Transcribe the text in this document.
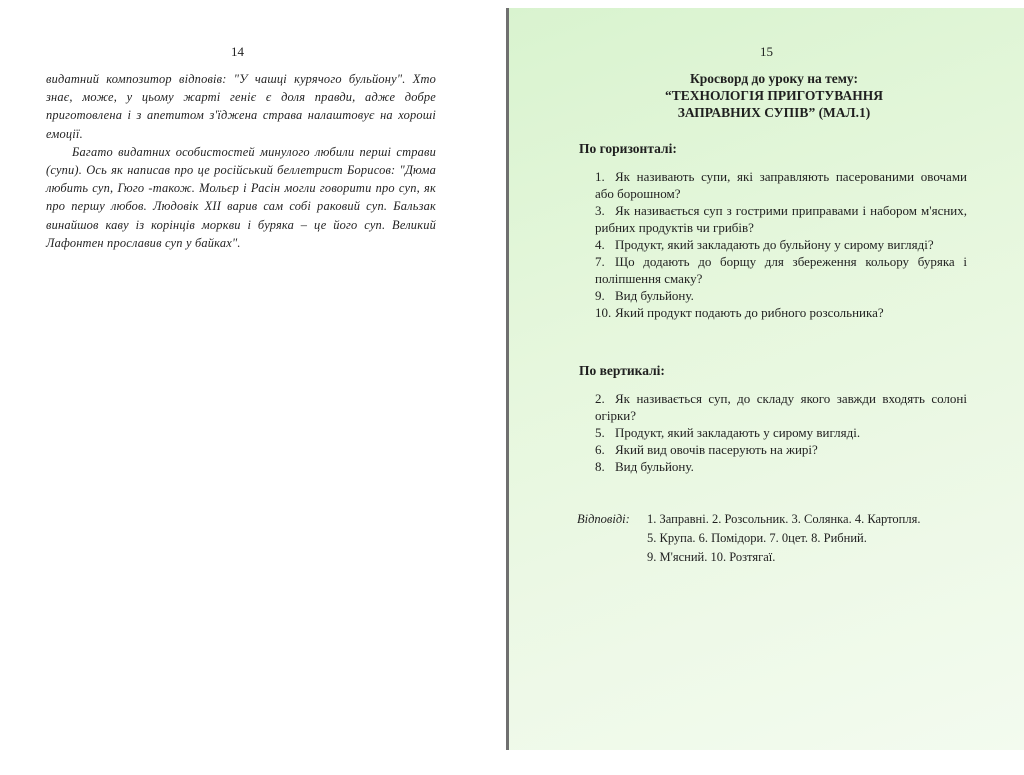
14

видатний композитор відповів: "У чашці курячого бульйону". Хто знає, може, у цьому жарті геніє є доля правди, адже добре приготовлена і з апетитом з'їджена страва налаштовує на хороші емоції.

Багато видатних особистостей минулого любили перші страви (супи). Ось як написав про це російський беллетрист Борисов: "Дюма любить суп, Гюго -також. Мольєр і Расін могли говорити про суп, як про першу любов. Людовік XII варив сам собі раковий суп. Бальзак винайшов каву із корінців моркви і буряка – це його суп. Великий Лафонтен прославив суп у байках".

15
Кросворд до уроку на тему:
“ТЕХНОЛОГІЯ ПРИГОТУВАННЯ
ЗАПРАВНИХ СУПІВ” (МАЛ.1)
По горизонталі:
1. Як називають супи, які заправляють пасерованими овочами або борошном?
3. Як називається суп з гострими приправами і набором м'ясних, рибних продуктів чи грибів?
4. Продукт, який закладають до бульйону у сирому вигляді?
7. Що додають до борщу для збереження кольору буряка і поліпшення смаку?
9. Вид бульйону.
10. Який продукт подають до рибного розсольника?
По вертикалі:
2. Як називається суп, до складу якого завжди входять солоні огірки?
5. Продукт, який закладають у сирому вигляді.
6. Який вид овочів пасерують на жирі?
8. Вид бульйону.
Відповіді: 1. Заправні. 2. Розсольник. 3. Солянка. 4. Картопля.
5. Крупа. 6. Помідори. 7. 0цет. 8. Рибний.
9. М'ясний. 10. Розтягаї.
